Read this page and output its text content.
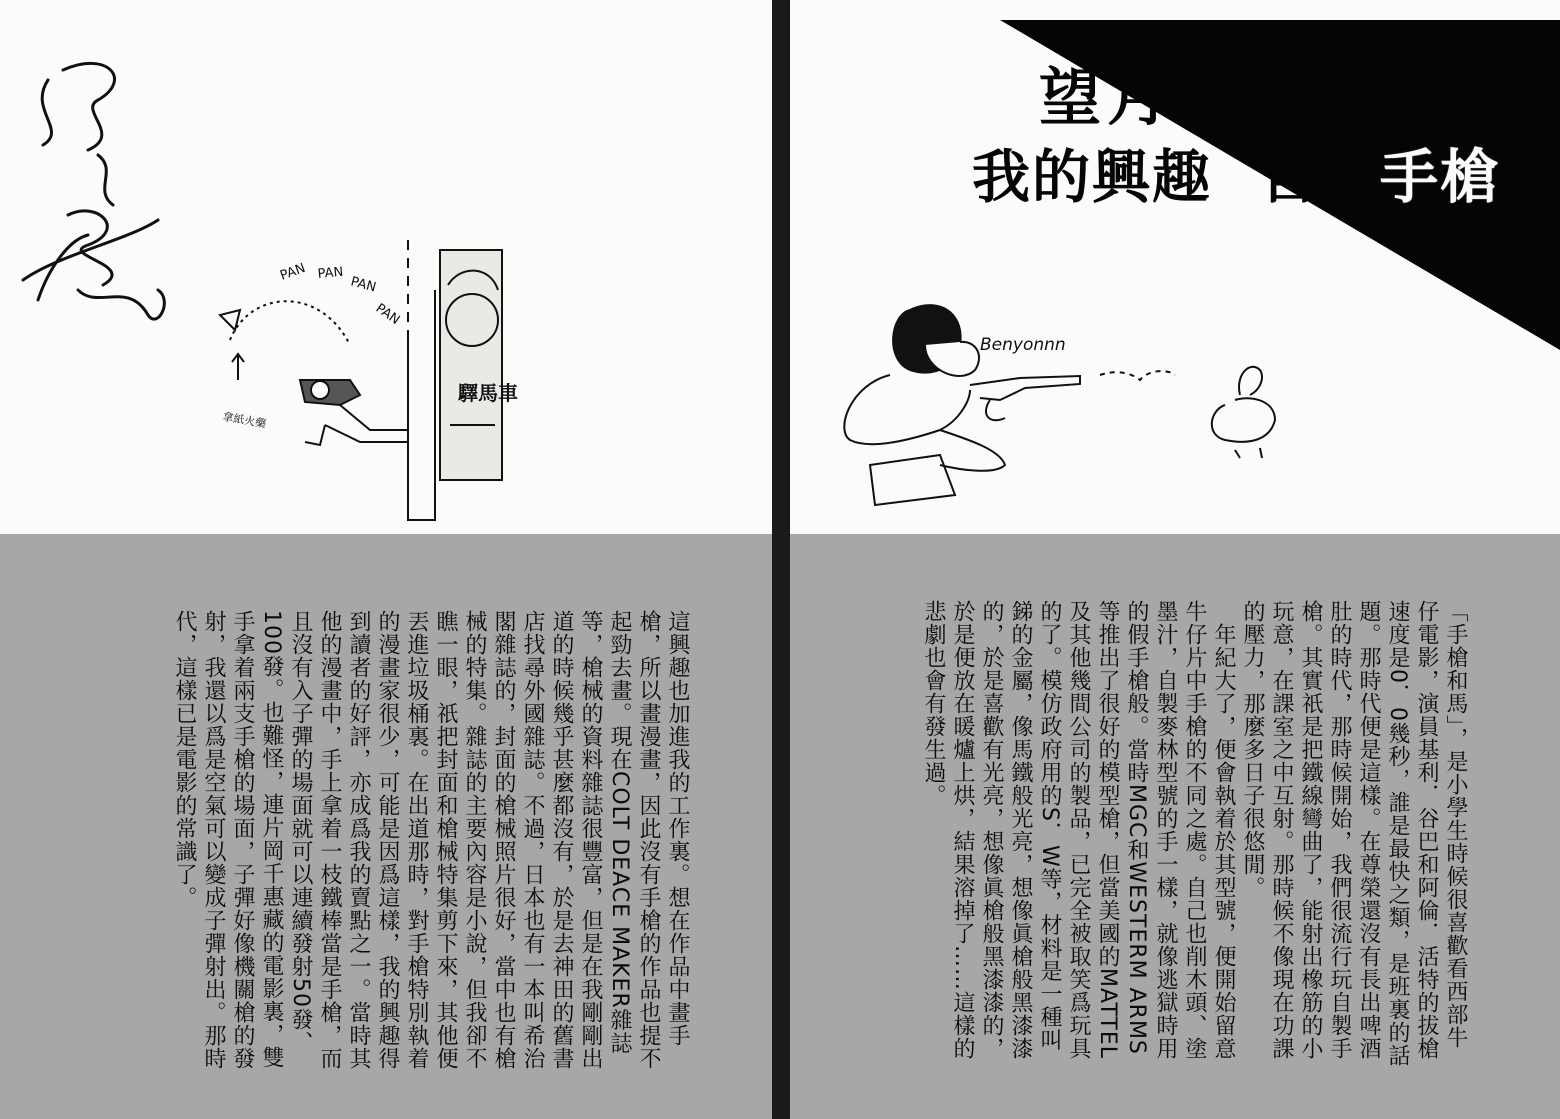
PAN PAN
PAN
PAN
驛馬車
拿紙火藥
這興趣也加進我的工作裏。想在作品中畫手槍，所以畫漫畫，因此沒有手槍的作品也提不起勁去畫。現在COLT DEACE MAKER雜誌等，槍械的資料雜誌很豐富，但是在我剛剛出道的時候幾乎甚麼都沒有，於是去神田的舊書店找尋外國雜誌。不過，日本也有一本叫希治閣雜誌的，封面的槍械照片很好，當中也有槍械的特集。雜誌的主要內容是小說，但我卻不瞧一眼，祇把封面和槍械特集剪下來，其他便丟進垃圾桶裏。在出道那時，對手槍特別執着的漫畫家很少，可能是因爲這樣，我的興趣得到讀者的好評，亦成爲我的賣點之一。當時其他的漫畫中，手上拿着一枝鐵棒當是手槍，而且沒有入子彈的場面就可以連續發射50發、100發。也難怪，連片岡千惠藏的電影裏，雙手拿着兩支手槍的場面，子彈好像機關槍的發射，我還以爲是空氣可以變成子彈射出。那時代，這樣已是電影的常識了。
望月隨筆其之七
我的興趣 自製手槍
Benyonnn
「手槍和馬」，是小學生時候很喜歡看西部牛仔電影，演員基利．谷巴和阿倫．活特的拔槍速度是0．0幾秒，誰是最快之類，是班裏的話題。那時代便是這樣。在尊榮還沒有長出啤酒肚的時代，那時候開始，我們很流行玩自製手槍。其實祇是把鐵線彎曲了，能射出橡筋的小玩意，在課室之中互射。那時候不像現在功課的壓力，那麼多日子很悠閒。
　年紀大了，便會執着於其型號，便開始留意牛仔片中手槍的不同之處。自己也削木頭、塗墨汁，自製麥林型號的手一樣，就像逃獄時用的假手槍般。當時MGC和WESTERM ARMS等推出了很好的模型槍，但當美國的MATTEL及其他幾間公司的製品，已完全被取笑爲玩具的了。模仿政府用的S．W等，材料是一種叫銻的金屬，像馬鐵般光亮，想像眞槍般黑漆漆的，於是喜歡有光亮，想像眞槍般黑漆漆的，於是便放在暖爐上烘，結果溶掉了……這樣的悲劇也會有發生過。
